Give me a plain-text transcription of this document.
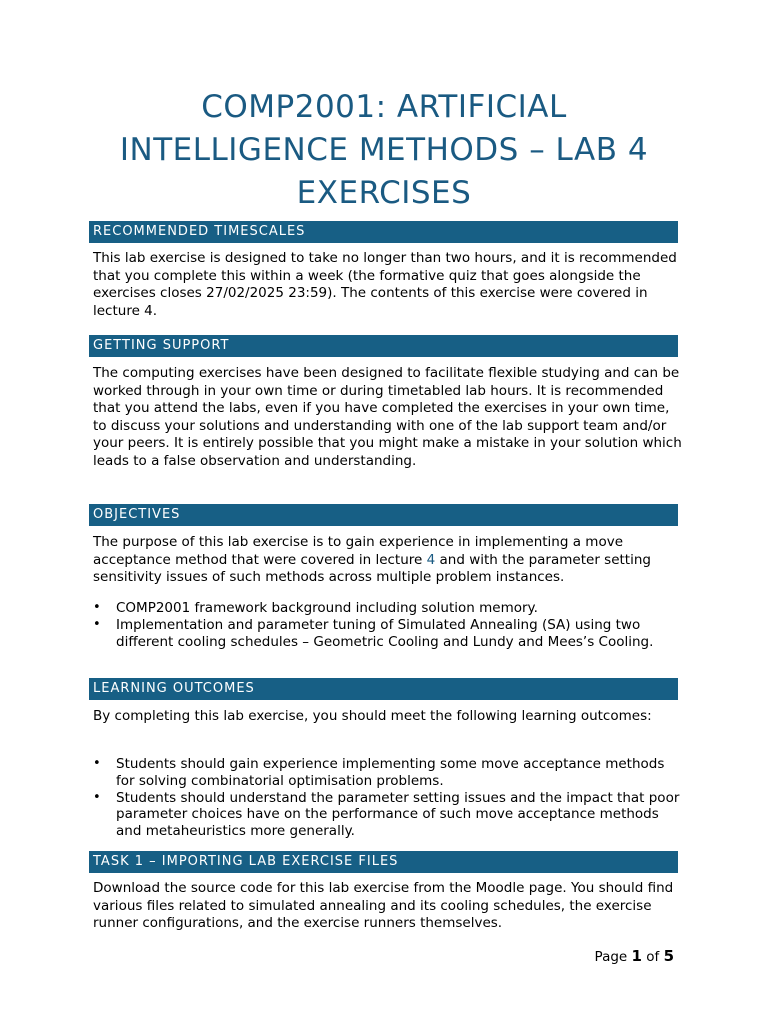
COMP2001: ARTIFICIAL INTELLIGENCE METHODS – LAB 4 EXERCISES
RECOMMENDED TIMESCALES

This lab exercise is designed to take no longer than two hours, and it is recommended that you complete this within a week (the formative quiz that goes alongside the exercises closes 27/02/2025 23:59). The contents of this exercise were covered in lecture 4.

GETTING SUPPORT

The computing exercises have been designed to facilitate flexible studying and can be worked through in your own time or during timetabled lab hours. It is recommended that you attend the labs, even if you have completed the exercises in your own time, to discuss your solutions and understanding with one of the lab support team and/or your peers. It is entirely possible that you might make a mistake in your solution which leads to a false observation and understanding.

OBJECTIVES

The purpose of this lab exercise is to gain experience in implementing a move acceptance method that were covered in lecture 4 and with the parameter setting sensitivity issues of such methods across multiple problem instances.

• COMP2001 framework background including solution memory.
• Implementation and parameter tuning of Simulated Annealing (SA) using two different cooling schedules – Geometric Cooling and Lundy and Mees’s Cooling.
LEARNING OUTCOMES

By completing this lab exercise, you should meet the following learning outcomes:

• Students should gain experience implementing some move acceptance methods for solving combinatorial optimisation problems.
• Students should understand the parameter setting issues and the impact that poor parameter choices have on the performance of such move acceptance methods and metaheuristics more generally.
TASK 1 – IMPORTING LAB EXERCISE FILES

Download the source code for this lab exercise from the Moodle page. You should find various files related to simulated annealing and its cooling schedules, the exercise runner configurations, and the exercise runners themselves.

Page 1 of 5
